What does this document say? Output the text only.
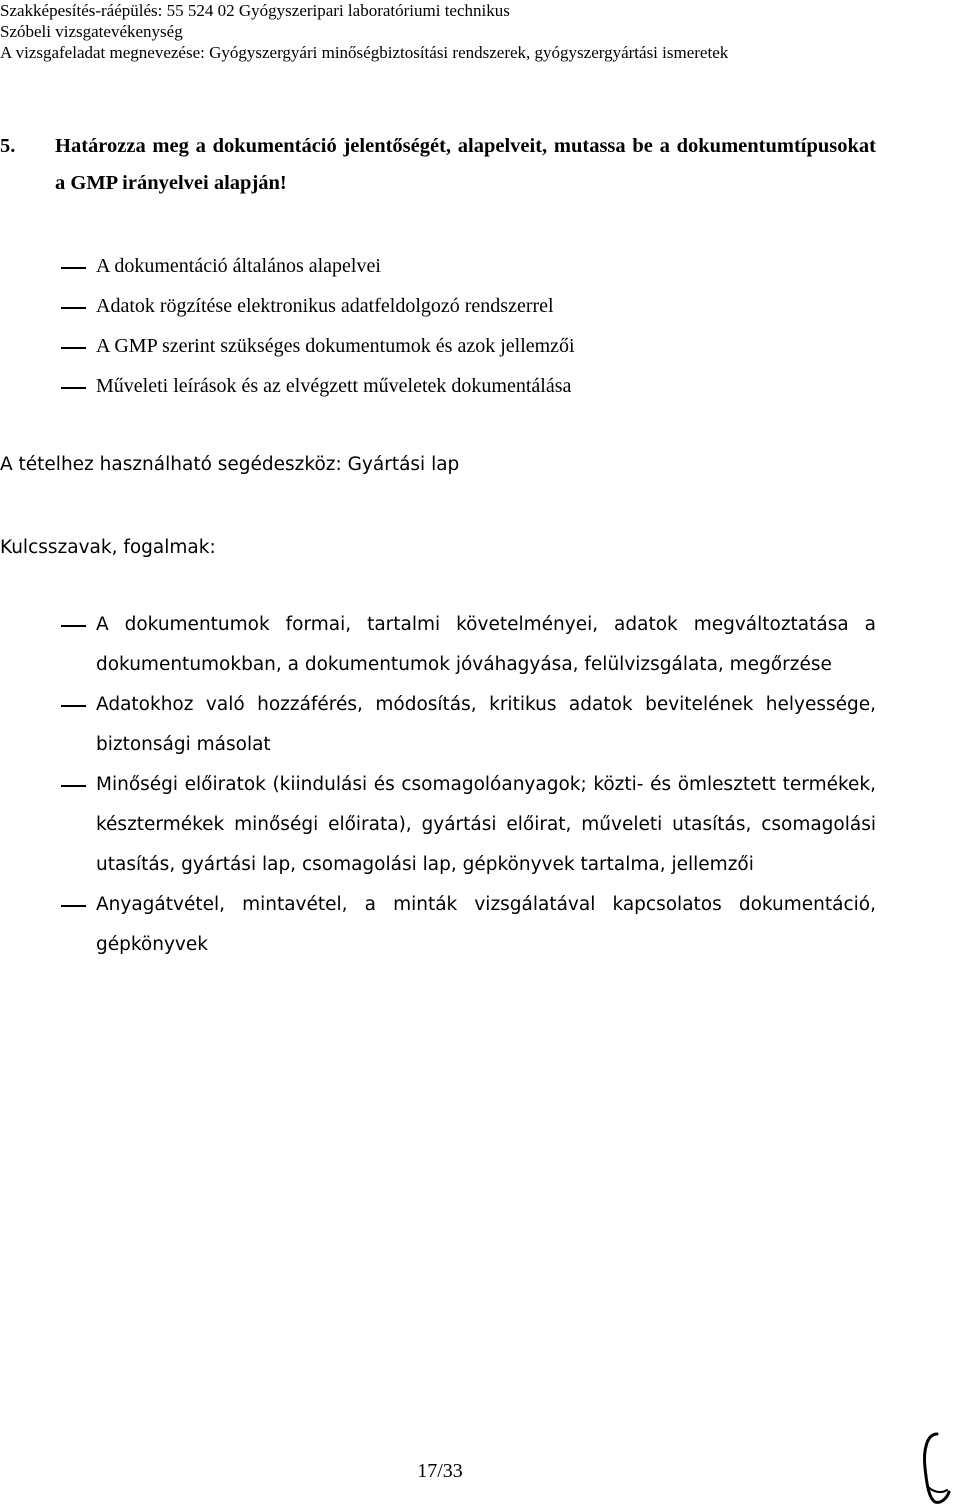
Szakképesítés-ráépülés: 55 524 02 Gyógyszeripari laboratóriumi technikus
Szóbeli vizsgatevékenység
A vizsgafeladat megnevezése: Gyógyszergyári minőségbiztosítási rendszerek, gyógyszergyártási ismeretek
5. Határozza meg a dokumentáció jelentőségét, alapelveit, mutassa be a dokumentumtípusokat a GMP irányelvei alapján!
A dokumentáció általános alapelvei
Adatok rögzítése elektronikus adatfeldolgozó rendszerrel
A GMP szerint szükséges dokumentumok és azok jellemzői
Műveleti leírások és az elvégzett műveletek dokumentálása
A tételhez használható segédeszköz: Gyártási lap
Kulcsszavak, fogalmak:
A dokumentumok formai, tartalmi követelményei, adatok megváltoztatása a dokumentumokban, a dokumentumok jóváhagyása, felülvizsgálata, megőrzése
Adatokhoz való hozzáférés, módosítás, kritikus adatok bevitelének helyessége, biztonsági másolat
Minőségi előiratok (kiindulási és csomagolóanyagok; közti- és ömlesztett termékek, késztermékek minőségi előirata), gyártási előirat, műveleti utasítás, csomagolási utasítás, gyártási lap, csomagolási lap, gépkönyvek tartalma, jellemzői
Anyagátvétel, mintavétel, a minták vizsgálatával kapcsolatos dokumentáció, gépkönyvek
17/33
